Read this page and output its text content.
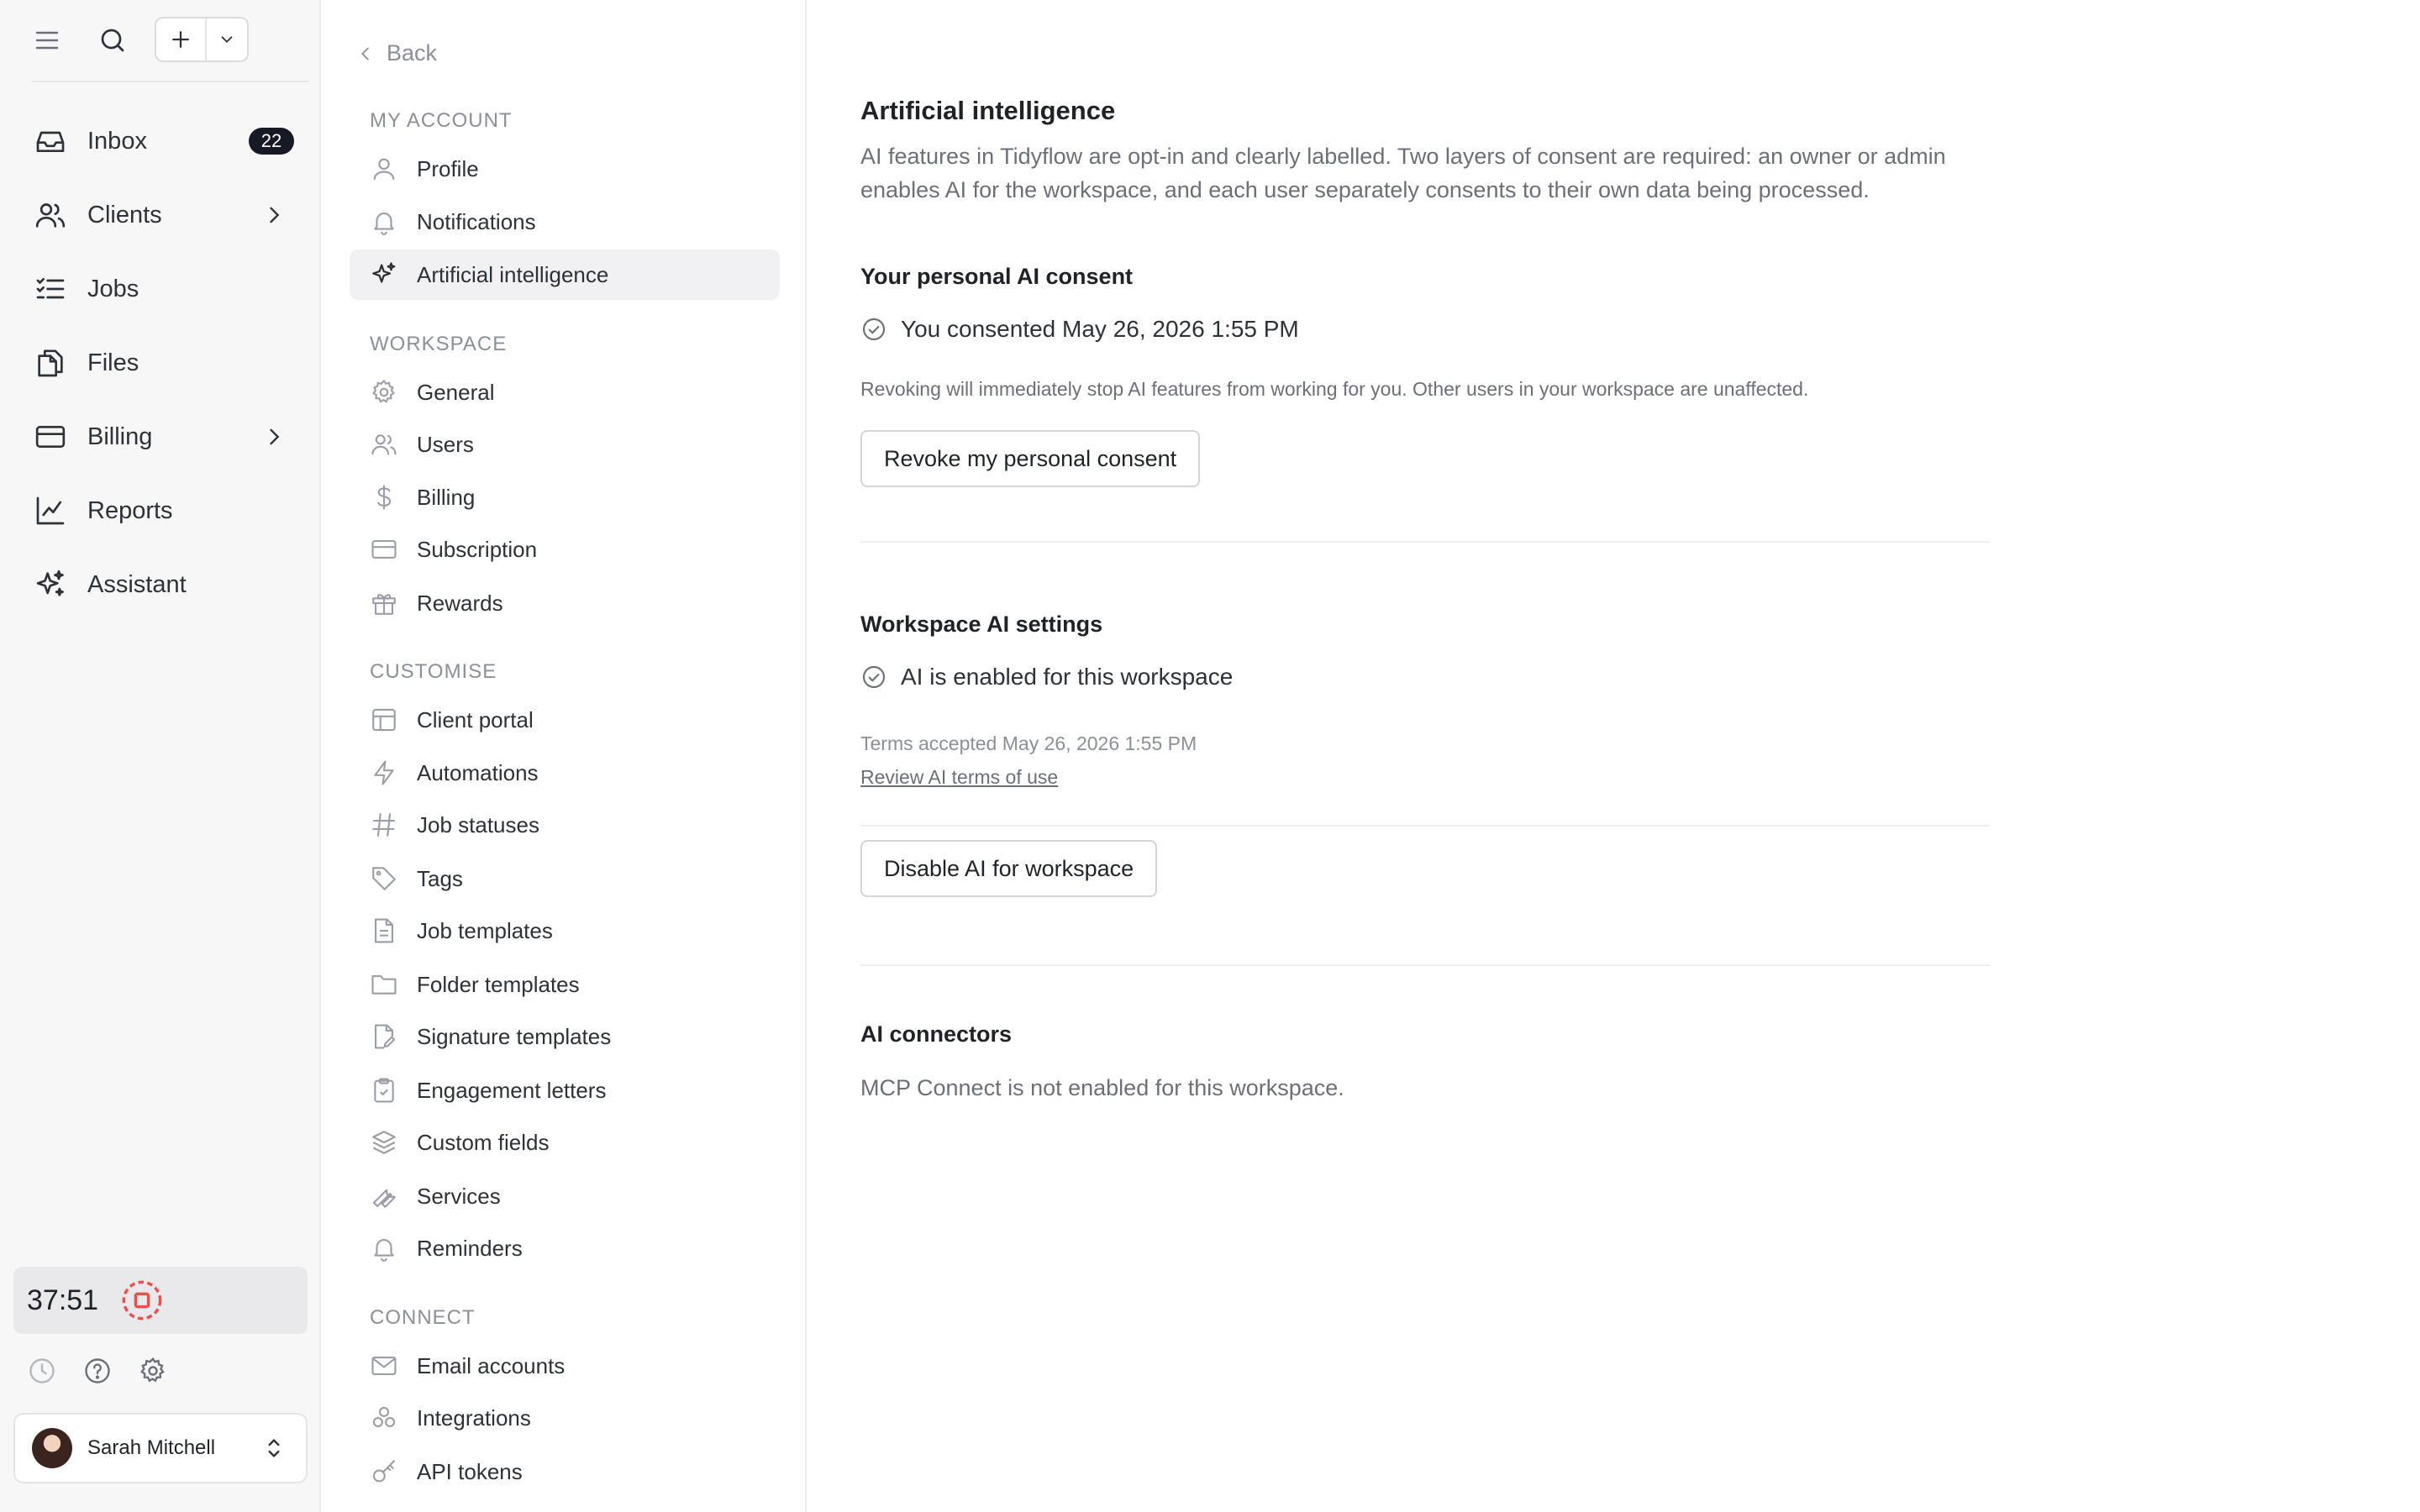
Inbox	22
Clients
Jobs
Files
Billing
Reports
Assistant
37:51
Sarah Mitchell
Back
MY ACCOUNT
Profile
Notifications
Artificial intelligence
WORKSPACE
General
Users
Billing
Subscription
Rewards
CUSTOMISE
Client portal
Automations
Job statuses
Tags
Job templates
Folder templates
Signature templates
Engagement letters
Custom fields
Services
Reminders
CONNECT
Email accounts
Integrations
API tokens
Artificial intelligence

AI features in Tidyflow are opt-in and clearly labelled. Two layers of consent are required: an owner or admin enables AI for the workspace, and each user separately consents to their own data being processed.

Your personal AI consent
You consented May 26, 2026 1:55 PM

Revoking will immediately stop AI features from working for you. Other users in your workspace are unaffected.

Revoke my personal consent
Workspace AI settings
AI is enabled for this workspace

Terms accepted May 26, 2026 1:55 PM

Review AI terms of use
Disable AI for workspace
AI connectors

MCP Connect is not enabled for this workspace.
